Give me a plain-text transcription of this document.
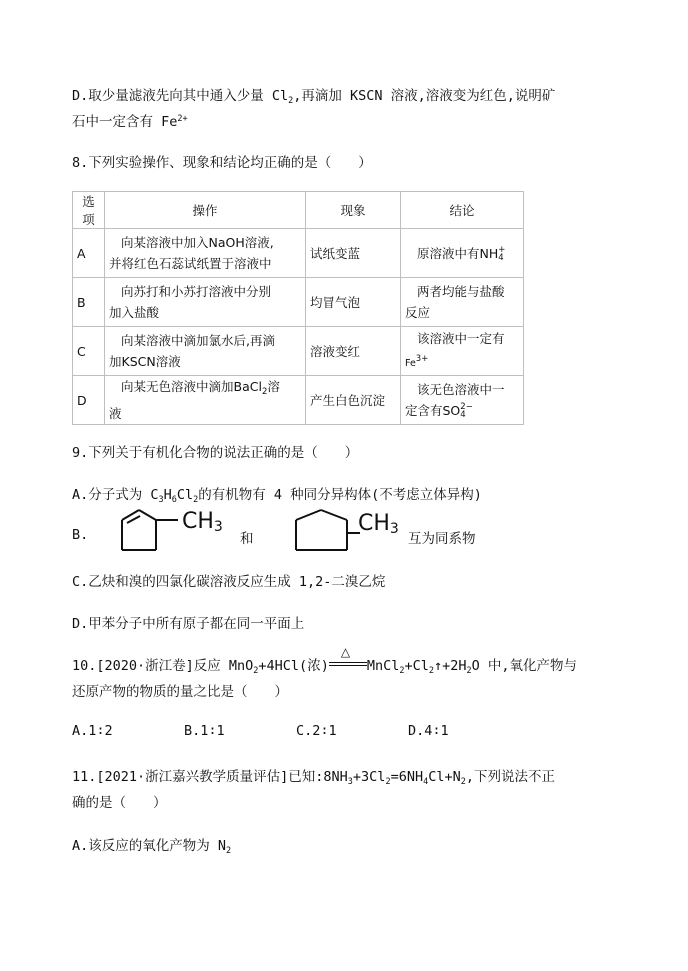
D.取少量滤液先向其中通入少量 $Cl_2$,再滴加 KSCN 溶液,溶液变为红色,说明矿
石中一定含有 $Fe^{2+}$
8.下列实验操作、现象和结论均正确的是（　　）
选项	操作	现象	结论
A	向某溶液中加入NaOH溶液,
并将红色石蕊试纸置于溶液中	试纸变蓝	原溶液中有NH+
4
B	向苏打和小苏打溶液中分别
加入盐酸	均冒气泡	两者均能与盐酸
反应
C	向某溶液中滴加氯水后,再滴
加KSCN溶液	溶液变红	该溶液中一定有
$Fe^{3+}$
D	向某无色溶液中滴加BaCl$_2$溶
液	产生白色沉淀	该无色溶液中一
定含有SO2−
4
9.下列关于有机化合物的说法正确的是（　　）
A.分子式为 $C_3H_6Cl_2$的有机物有 4 种同分异构体(不考虑立体异构)
B.
$CH_3$
和
$CH_3$
互为同系物
C.乙炔和溴的四氯化碳溶液反应生成 1,2-二溴乙烷
D.甲苯分子中所有原子都在同一平面上
10.[2020·浙江卷]反应 MnO$_2$+4HCl(浓)
△
$MnCl_2+Cl_2↑+2H_2O$ 中,氧化产物与
还原产物的物质的量之比是（　　）
A.1∶2	B.1∶1	C.2∶1	D.4∶1
11.[2021·浙江嘉兴教学质量评估]已知$:8NH_3+3Cl_2=6NH_4Cl+N_2$,下列说法不正
确的是（　　）
A.该反应的氧化产物为 $N_2$
